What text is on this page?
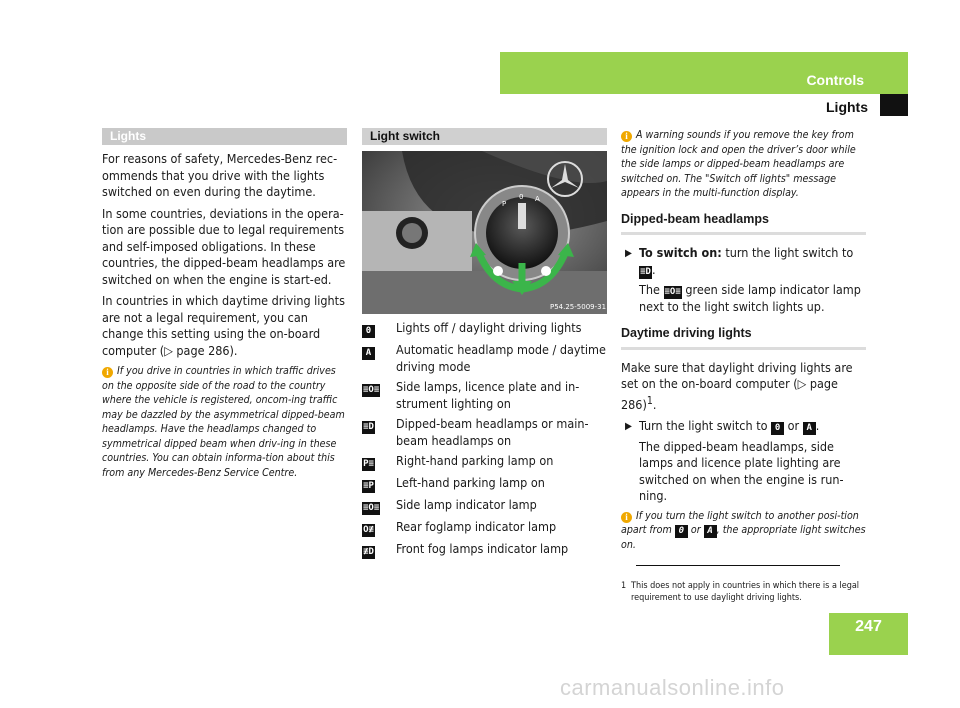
Controls
Lights
247
Lights

For reasons of safety, Mercedes-Benz rec-ommends that you drive with the lights switched on even during the daytime.

In some countries, deviations in the opera-tion are possible due to legal requirements and self-imposed obligations. In these countries, the dipped-beam headlamps are switched on when the engine is start-ed.

In countries in which daytime driving lights are not a legal requirement, you can change this setting using the on-board computer (▷ page 286).

i If you drive in countries in which traffic drives on the opposite side of the road to the country where the vehicle is registered, oncom-ing traffic may be dazzled by the asymmetrical dipped-beam headlamps. Have the headlamps changed to symmetrical dipped beam when driv-ing in these countries. You can obtain informa-tion about this from any Mercedes-Benz Service Centre.

Light switch
P
0 A
P54.25-5009-31
0	Lights off / daylight driving lights
A	Automatic headlamp mode / daytime driving mode
≡O≡	Side lamps, licence plate and in-strument lighting on
≡D	Dipped-beam headlamps or main-beam headlamps on
P≡	Right-hand parking lamp on
≡P	Left-hand parking lamp on
≡O≡	Side lamp indicator lamp
O≢	Rear foglamp indicator lamp
≢D	Front fog lamps indicator lamp

i A warning sounds if you remove the key from the ignition lock and open the driver’s door while the side lamps or dipped-beam headlamps are switched on. The "Switch off lights" message appears in the multi-function display.

Dipped-beam headlamps
▶ To switch on: turn the light switch to
≡D.

The ≡O≡ green side lamp indicator lamp next to the light switch lights up.

Daytime driving lights

Make sure that daylight driving lights are set on the on-board computer (▷ page 286)$^1$.

▶ Turn the light switch to 0 or A .

The dipped-beam headlamps, side lamps and licence plate lighting are switched on when the engine is run-ning.

i If you turn the light switch to another posi-tion apart from 0 or A , the appropriate light switches on.

1 This does not apply in countries in which there is a legal requirement to use daylight driving lights.
carmanualsonline.info
